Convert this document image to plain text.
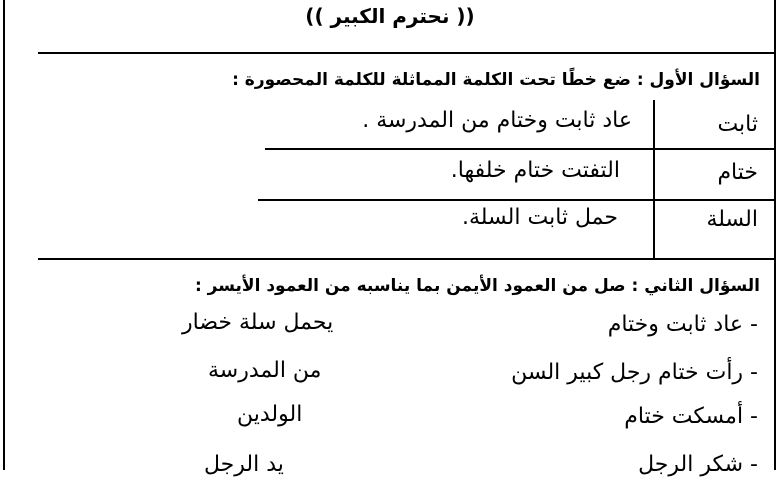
(( نحترم الكبير ))
السؤال الأول : ضع خطًا تحت الكلمة المماثلة للكلمة المحصورة :
ثابت
عاد ثابت وختام من المدرسة .
ختام
التفتت ختام خلفها.
السلة
حمل ثابت السلة.
السؤال الثاني : صل من العمود الأيمن بما يناسبه من العمود الأيسر :
- عاد ثابت وختام
يحمل سلة خضار
- رأت ختام رجل كبير السن
من المدرسة
- أمسكت ختام
الولدين
- شكر الرجل
يد الرجل
